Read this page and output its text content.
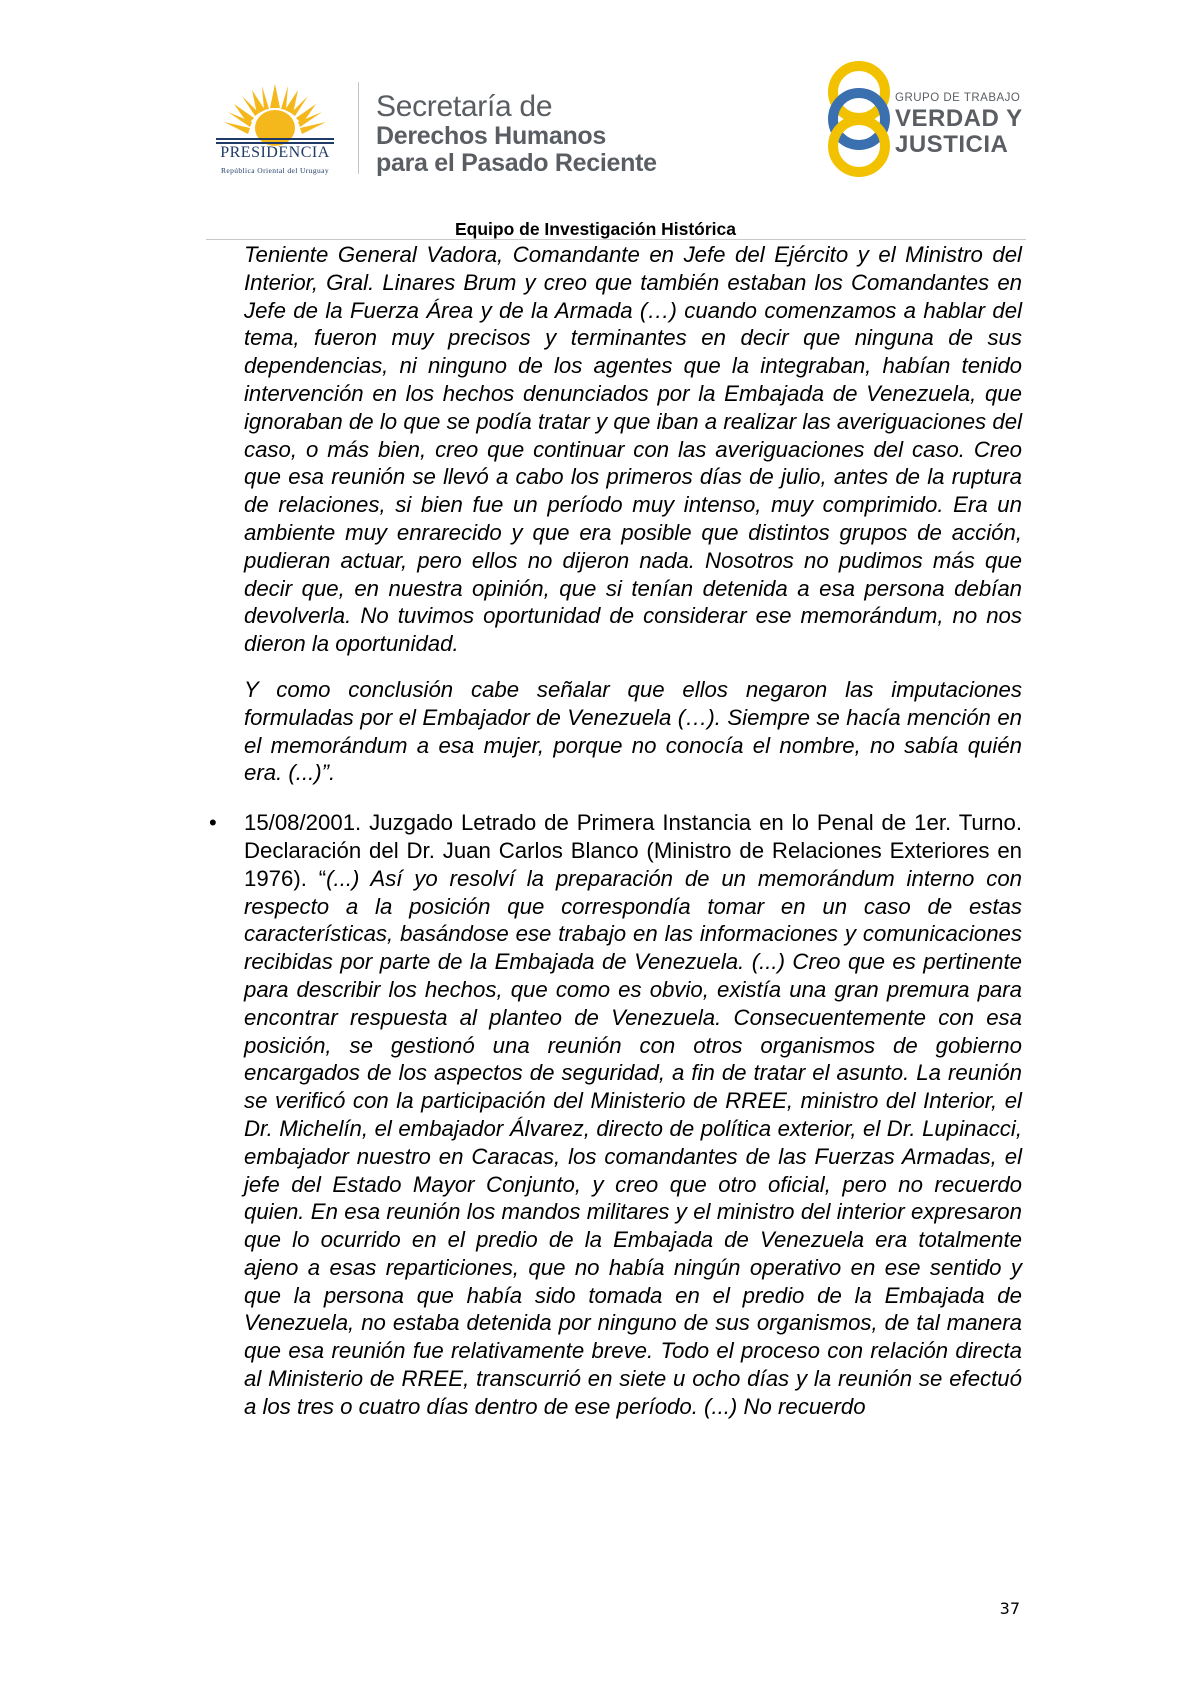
PRESIDENCIA
República Oriental del Uruguay
Secretaría de
Derechos Humanos
para el Pasado Reciente
GRUPO DE TRABAJO
VERDAD Y
JUSTICIA
Equipo de Investigación Histórica

Teniente General Vadora, Comandante en Jefe del Ejército y el Ministro del Interior, Gral. Linares Brum y creo que también estaban los Comandantes en Jefe de la Fuerza Área y de la Armada (…) cuando comenzamos a hablar del tema, fueron muy precisos y terminantes en decir que ninguna de sus dependencias, ni ninguno de los agentes que la integraban, habían tenido intervención en los hechos denunciados por la Embajada de Venezuela, que ignoraban de lo que se podía tratar y que iban a realizar las averiguaciones del caso, o más bien, creo que continuar con las averiguaciones del caso. Creo que esa reunión se llevó a cabo los primeros días de julio, antes de la ruptura de relaciones, si bien fue un período muy intenso, muy comprimido. Era un ambiente muy enrarecido y que era posible que distintos grupos de acción, pudieran actuar, pero ellos no dijeron nada. Nosotros no pudimos más que decir que, en nuestra opinión, que si tenían detenida a esa persona debían devolverla. No tuvimos oportunidad de considerar ese memorándum, no nos dieron la oportunidad.

Y como conclusión cabe señalar que ellos negaron las imputaciones formuladas por el Embajador de Venezuela (…). Siempre se hacía mención en el memorándum a esa mujer, porque no conocía el nombre, no sabía quién era. (...)”.

• 15/08/2001. Juzgado Letrado de Primera Instancia en lo Penal de 1er. Turno. Declaración del Dr. Juan Carlos Blanco (Ministro de Relaciones Exteriores en 1976). “(...) Así yo resolví la preparación de un memorándum interno con respecto a la posición que correspondía tomar en un caso de estas características, basándose ese trabajo en las informaciones y comunicaciones recibidas por parte de la Embajada de Venezuela. (...) Creo que es pertinente para describir los hechos, que como es obvio, existía una gran premura para encontrar respuesta al planteo de Venezuela. Consecuentemente con esa posición, se gestionó una reunión con otros organismos de gobierno encargados de los aspectos de seguridad, a fin de tratar el asunto. La reunión se verificó con la participación del Ministerio de RREE, ministro del Interior, el Dr. Michelín, el embajador Álvarez, directo de política exterior, el Dr. Lupinacci, embajador nuestro en Caracas, los comandantes de las Fuerzas Armadas, el jefe del Estado Mayor Conjunto, y creo que otro oficial, pero no recuerdo quien. En esa reunión los mandos militares y el ministro del interior expresaron que lo ocurrido en el predio de la Embajada de Venezuela era totalmente ajeno a esas reparticiones, que no había ningún operativo en ese sentido y que la persona que había sido tomada en el predio de la Embajada de Venezuela, no estaba detenida por ninguno de sus organismos, de tal manera que esa reunión fue relativamente breve. Todo el proceso con relación directa al Ministerio de RREE, transcurrió en siete u ocho días y la reunión se efectuó a los tres o cuatro días dentro de ese período. (...) No recuerdo

37
